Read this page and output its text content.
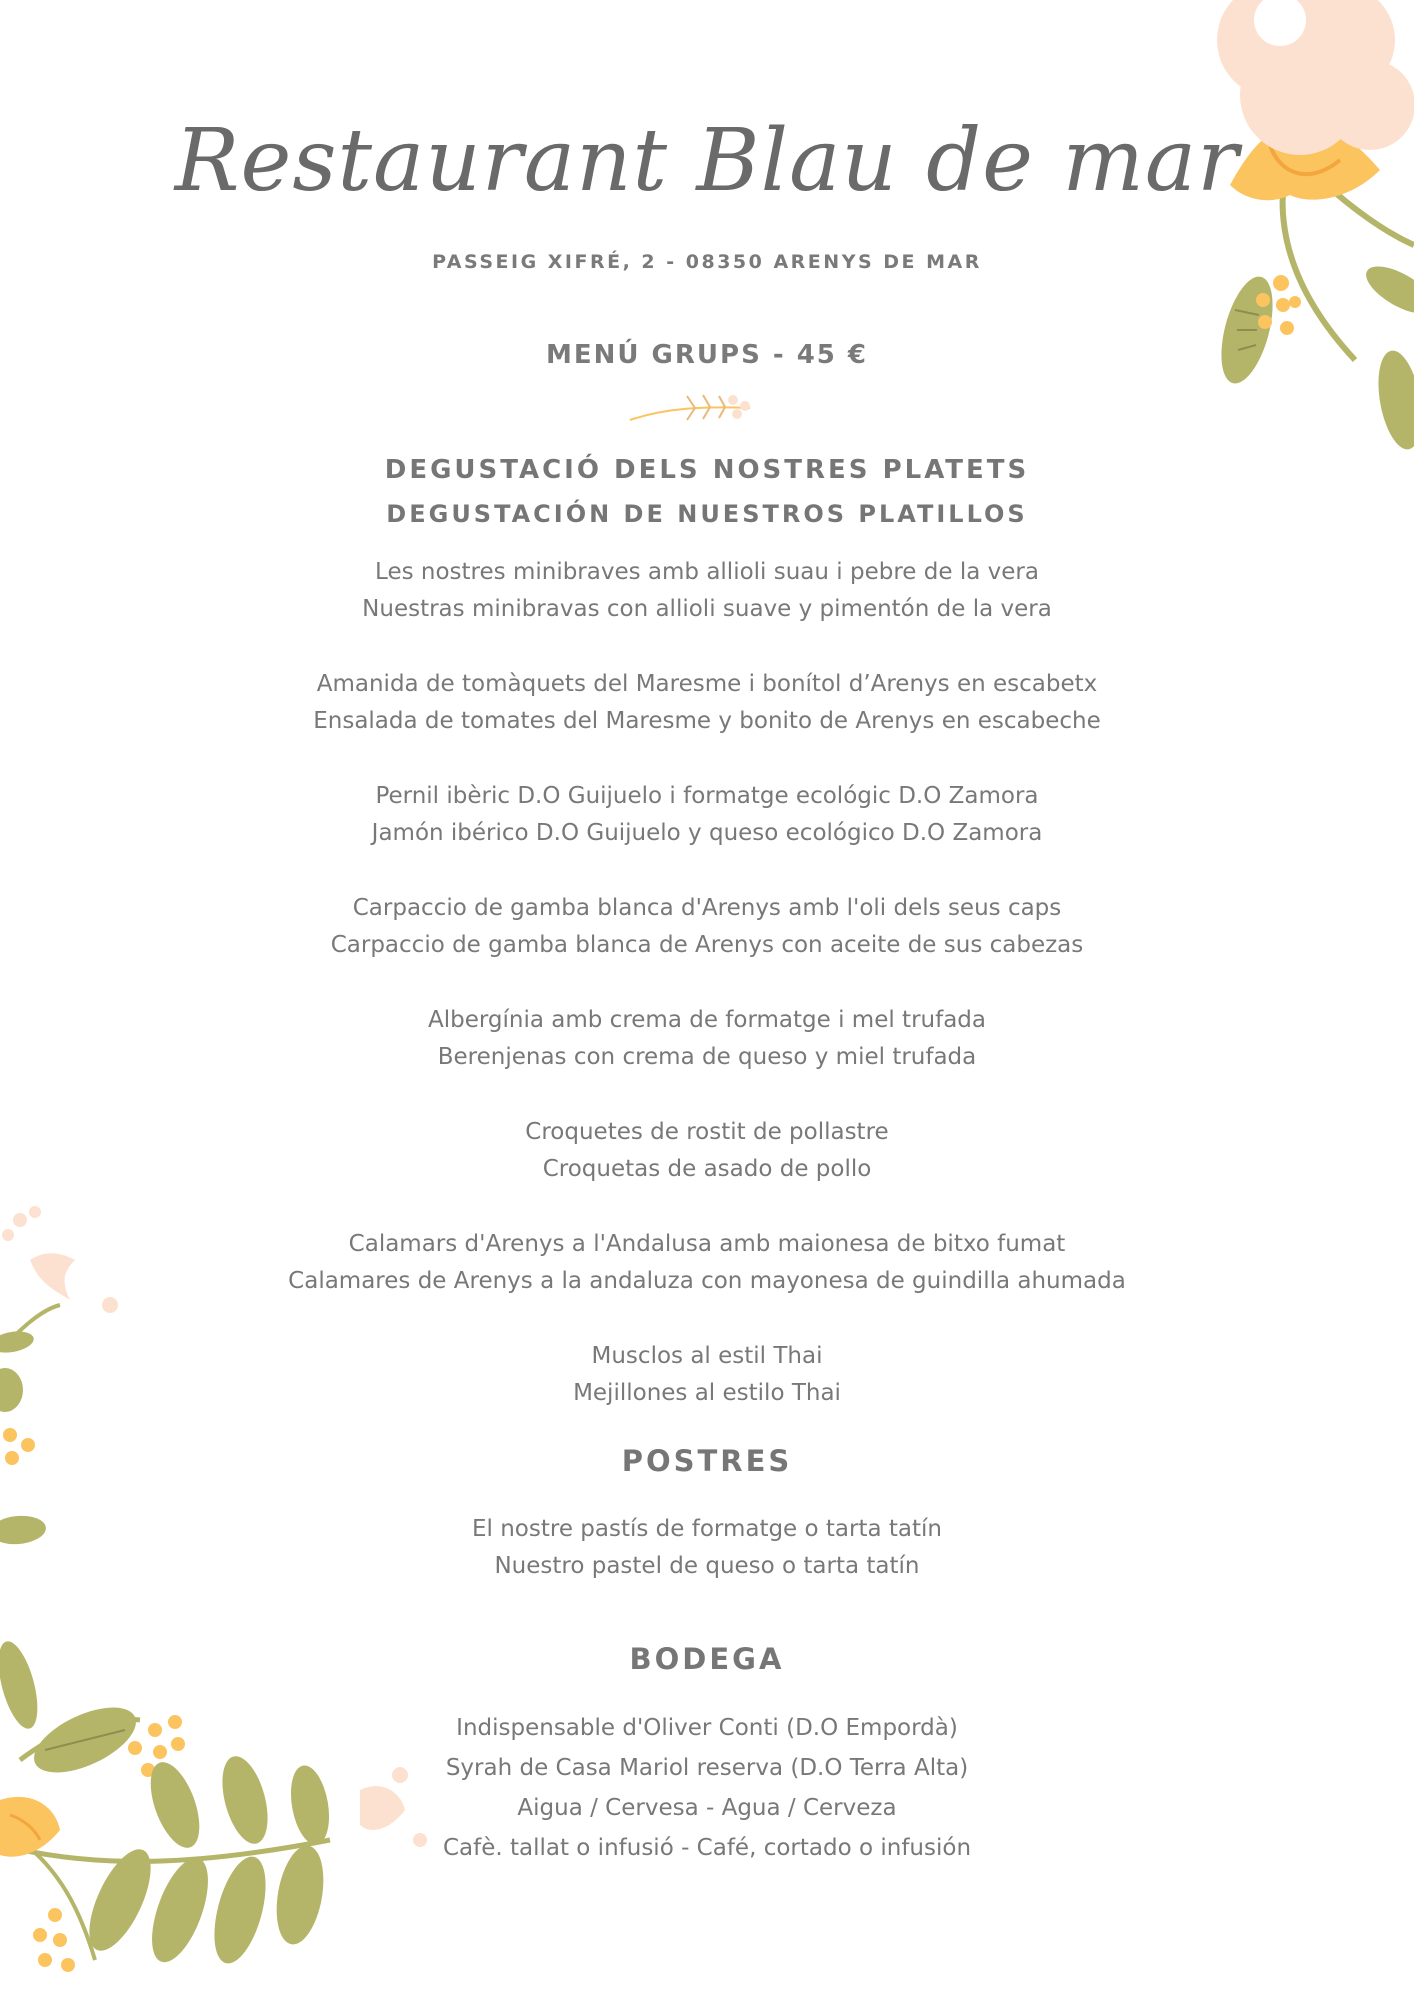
Restaurant Blau de mar
PASSEIG XIFRÉ, 2 - 08350 ARENYS DE MAR
MENÚ GRUPS - 45 €
DEGUSTACIÓ DELS NOSTRES PLATETS
DEGUSTACIÓN DE NUESTROS PLATILLOS
Les nostres minibraves amb allioli suau i pebre de la vera
Nuestras minibravas con allioli suave y pimentón de la vera
Amanida de tomàquets del Maresme i bonítol d’Arenys en escabetx
Ensalada de tomates del Maresme y bonito de Arenys en escabeche
Pernil ibèric D.O Guijuelo i formatge ecológic D.O Zamora
Jamón ibérico D.O Guijuelo y queso ecológico D.O Zamora
Carpaccio de gamba blanca d'Arenys amb l'oli dels seus caps
Carpaccio de gamba blanca de Arenys con aceite de sus cabezas
Albergínia amb crema de formatge i mel trufada
Berenjenas con crema de queso y miel trufada
Croquetes de rostit de pollastre
Croquetas de asado de pollo
Calamars d'Arenys a l'Andalusa amb maionesa de bitxo fumat
Calamares de Arenys a la andaluza con mayonesa de guindilla ahumada
Musclos al estil Thai
Mejillones al estilo Thai
POSTRES
El nostre pastís de formatge o tarta tatín
Nuestro pastel de queso o tarta tatín
BODEGA
Indispensable d'Oliver Conti (D.O Empordà)
Syrah de Casa Mariol reserva (D.O Terra Alta)
Aigua / Cervesa - Agua / Cerveza
Cafè. tallat o infusió - Café, cortado o infusión
